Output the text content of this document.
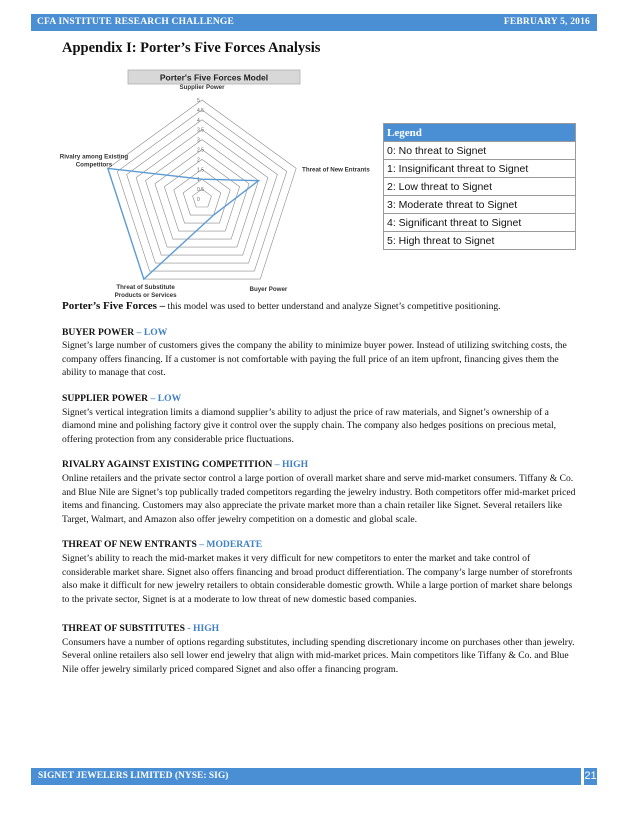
CFA INSTITUTE RESEARCH CHALLENGE	FEBRUARY 5, 2016
Appendix I: Porter’s Five Forces Analysis
Porter's Five Forces Model
5
4.5
4
3.5
3
2.5
2
1.5
1
0.5
0
Supplier Power
Threat of New Entrants
Buyer Power
Threat of Substitute
Products or Services
Rivalry among Existing
Competitors
Legend
0: No threat to Signet
1: Insignificant threat to Signet
2: Low threat to Signet
3: Moderate threat to Signet
4: Significant threat to Signet
5: High threat to Signet
Porter’s Five Forces – this model was used to better understand and analyze Signet’s competitive positioning.
BUYER POWER – LOW

Signet’s large number of customers gives the company the ability to minimize buyer power. Instead of utilizing switching costs, the company offers financing. If a customer is not comfortable with paying the full price of an item upfront, financing gives them the ability to manage that cost.

SUPPLIER POWER – LOW

Signet’s vertical integration limits a diamond supplier’s ability to adjust the price of raw materials, and Signet’s ownership of a diamond mine and polishing factory give it control over the supply chain. The company also hedges positions on precious metal, offering protection from any considerable price fluctuations.

RIVALRY AGAINST EXISTING COMPETITION – HIGH

Online retailers and the private sector control a large portion of overall market share and serve mid-market consumers. Tiffany & Co. and Blue Nile are Signet’s top publically traded competitors regarding the jewelry industry. Both competitors offer mid-market priced items and financing. Customers may also appreciate the private market more than a chain retailer like Signet. Several retailers like Target, Walmart, and Amazon also offer jewelry competition on a domestic and global scale.

THREAT OF NEW ENTRANTS – MODERATE

Signet’s ability to reach the mid-market makes it very difficult for new competitors to enter the market and take control of considerable market share. Signet also offers financing and broad product differentiation. The company’s large number of storefronts also make it difficult for new jewelry retailers to obtain considerable domestic growth. While a large portion of market share belongs to the private sector, Signet is at a moderate to low threat of new domestic based companies.

THREAT OF SUBSTITUTES - HIGH

Consumers have a number of options regarding substitutes, including spending discretionary income on purchases other than jewelry. Several online retailers also sell lower end jewelry that align with mid-market prices. Main competitors like Tiffany & Co. and Blue Nile offer jewelry similarly priced compared Signet and also offer a financing program.

SIGNET JEWELERS LIMITED (NYSE: SIG)	21
